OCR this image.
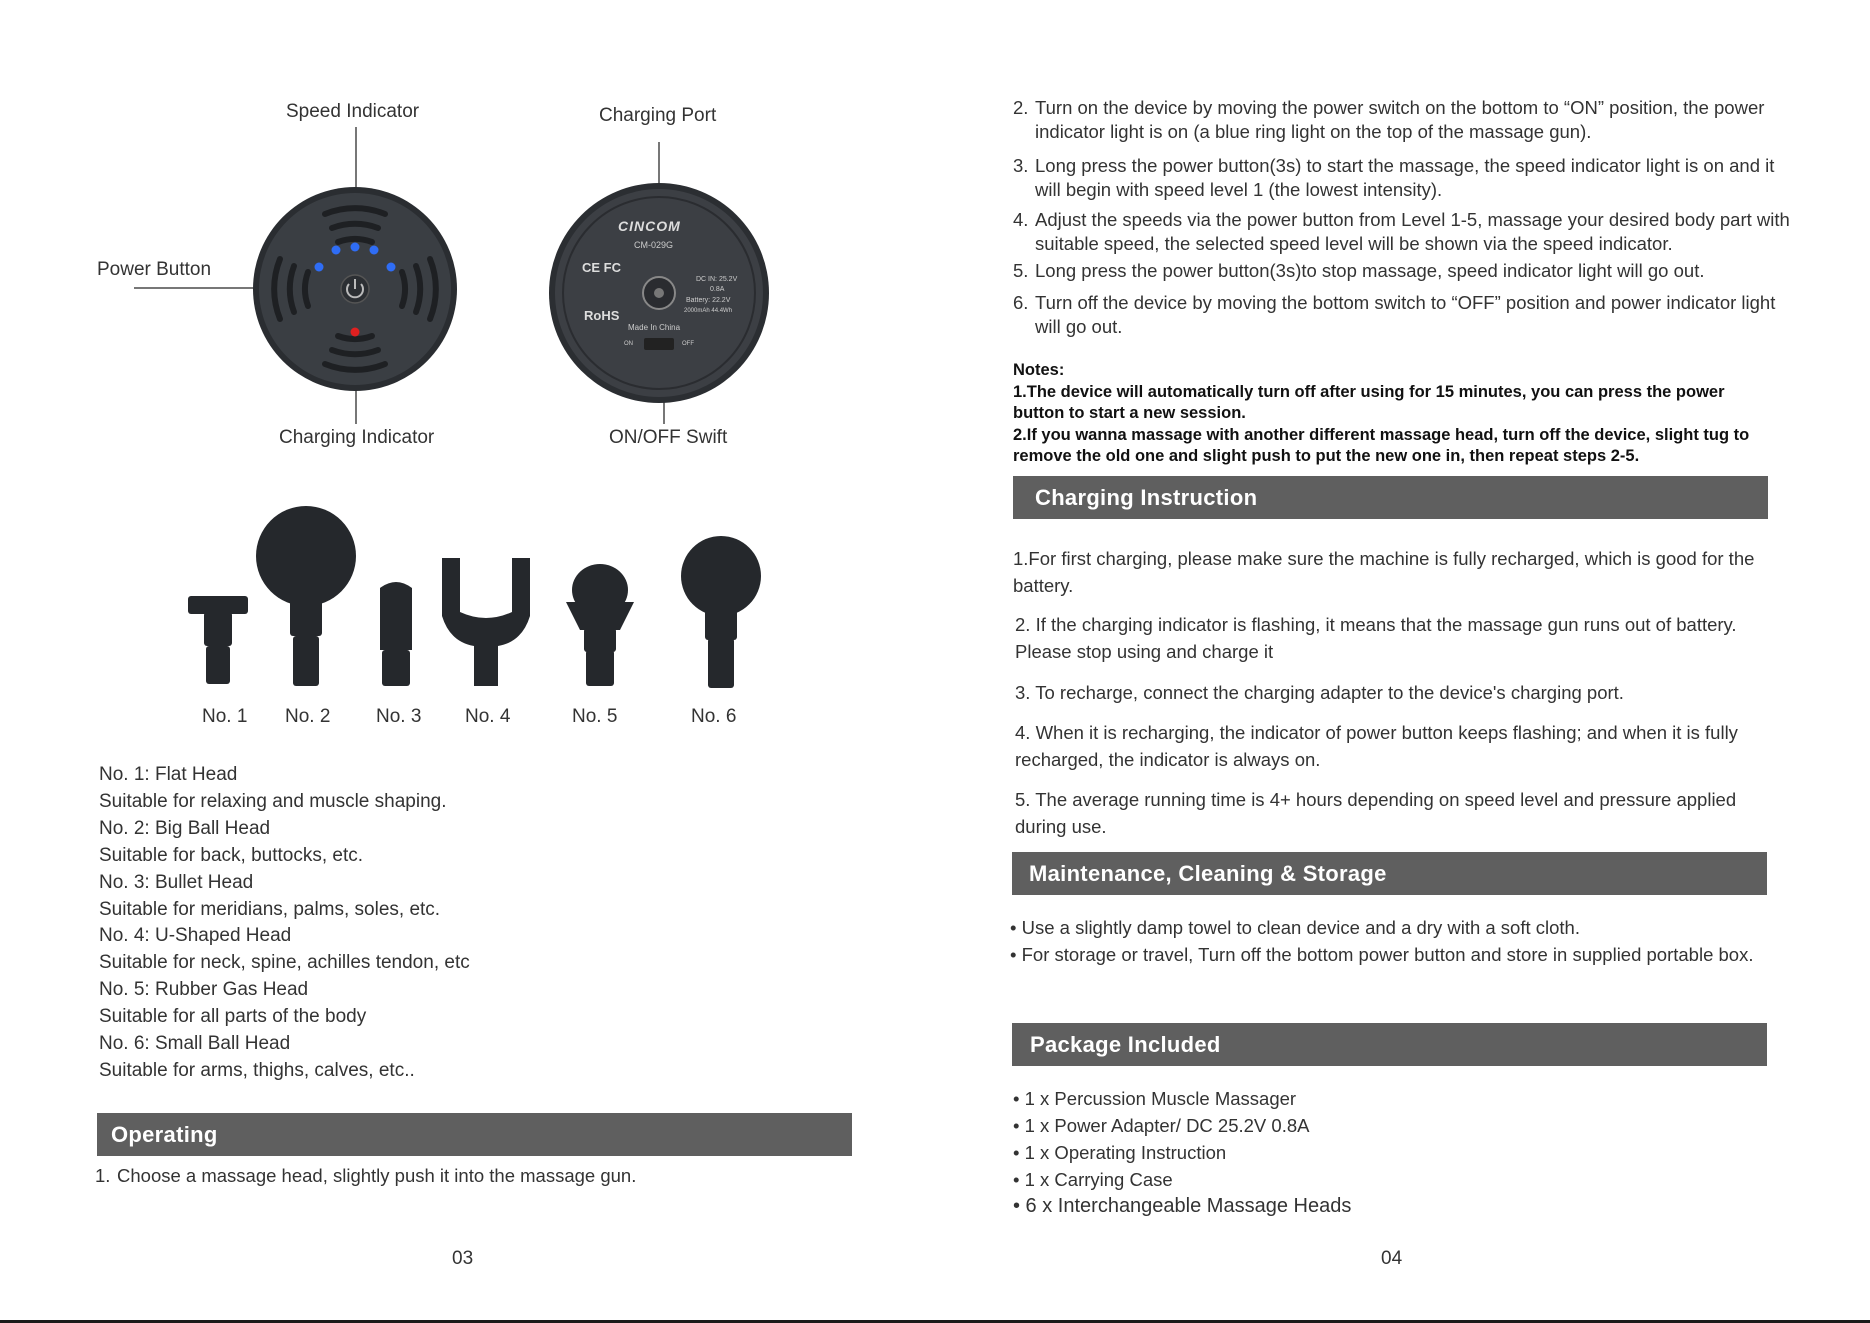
Speed Indicator	Charging Port
Power Button
Charging Indicator	ON/OFF Swift
CINCOM
CM-029G
CE FC
RoHS
DC IN: 25.2V
0.8A
Battery: 22.2V
2000mAh 44.4Wh
Made In China
ON	OFF
No. 1 No. 2 No. 3 No. 4	No. 5	No. 6
No. 1: Flat Head
Suitable for relaxing and muscle shaping.
No. 2: Big Ball Head
Suitable for back, buttocks, etc.
No. 3: Bullet Head
Suitable for meridians, palms, soles, etc.
No. 4: U-Shaped Head
Suitable for neck, spine, achilles tendon, etc
No. 5: Rubber Gas Head
Suitable for all parts of the body
No. 6: Small Ball Head
Suitable for arms, thighs, calves, etc..
Operating
1. Choose a massage head, slightly push it into the massage gun.
03
2. Turn on the device by moving the power switch on the bottom to “ON” position, the power indicator light is on (a blue ring light on the top of the massage gun).
3. Long press the power button(3s) to start the massage, the speed indicator light is on and it will begin with speed level 1 (the lowest intensity).
4. Adjust the speeds via the power button from Level 1-5, massage your desired body part with suitable speed, the selected speed level will be shown via the speed indicator.
5. Long press the power button(3s)to stop massage, speed indicator light will go out.
6. Turn off the device by moving the bottom switch to “OFF” position and power indicator light will go out.
Notes:
1.The device will automatically turn off after using for 15 minutes, you can press the power button to start a new session.
2.If you wanna massage with another different massage head, turn off the device, slight tug to remove the old one and slight push to put the new one in, then repeat steps 2-5.
Charging Instruction
1.For first charging, please make sure the machine is fully recharged, which is good for the battery.
2. If the charging indicator is flashing, it means that the massage gun runs out of battery. Please stop using and charge it
3. To recharge, connect the charging adapter to the device's charging port.
4. When it is recharging, the indicator of power button keeps flashing; and when it is fully recharged, the indicator is always on.
5. The average running time is 4+ hours depending on speed level and pressure applied during use.
Maintenance, Cleaning & Storage
• Use a slightly damp towel to clean device and a dry with a soft cloth.
• For storage or travel, Turn off the bottom power button and store in supplied portable box.
Package Included
• 1 x Percussion Muscle Massager
• 1 x Power Adapter/ DC 25.2V 0.8A
• 1 x Operating Instruction
• 1 x Carrying Case
• 6 x Interchangeable Massage Heads
04
